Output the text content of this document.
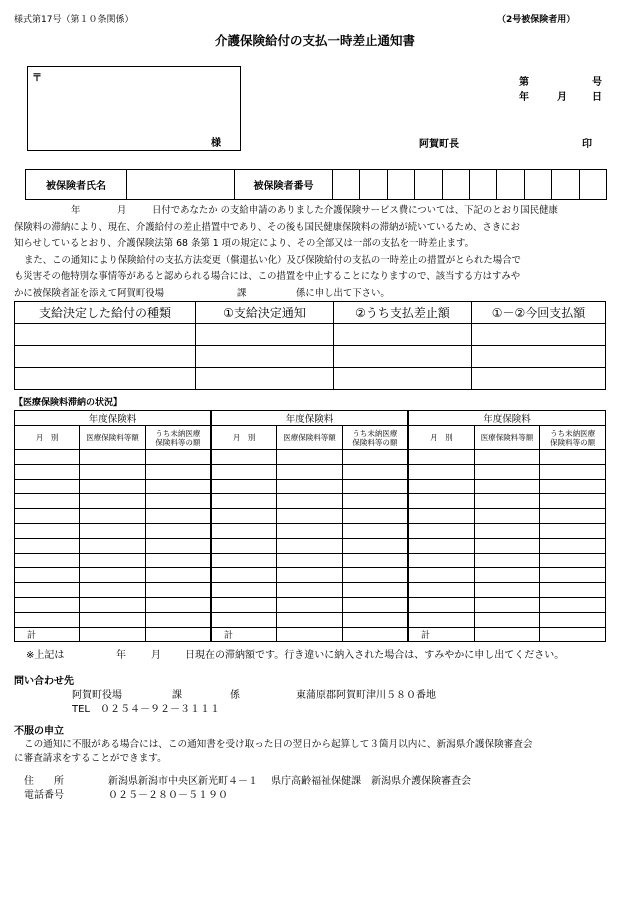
様式第17号（第１０条関係）	（2号被保険者用）
介護保険給付の支払一時差止通知書
〒
様
第	号
年	月	日
阿賀町長	印
被保険者氏名		被保険者番号										
年	月	日付であなたか の支給申請のありました介護保険サービス費については、下記のとおり国民健康
保険料の滞納により、現在、介護給付の差止措置中であり、その後も国民健康保険料の滞納が続いているため、さきにお
知らせしているとおり、介護保険法第 68 条第 1 項の規定により、その全部又は一部の支払を一時差止ます。
また、この通知により保険給付の支払方法変更（償還払い化）及び保険給付の支払の一時差止の措置がとられた場合で
も災害その他特別な事情等があると認められる場合には、この措置を中止することになりますので、該当する方はすみや
かに被保険者証を添えて阿賀町役場	課	係に申し出て下さい。
支給決定した給付の種類	①支給決定通知	②うち支払差止額	①－②今回支払額

【医療保険料滞納の状況】
年度保険料		
月　別	医療保険料等額	うち未納医療
保険料等の額

計		
年度保険料		
月　別	医療保険料等額	うち未納医療
保険料等の額

計		
年度保険料		
月　別	医療保険料等額	うち未納医療
保険料等の額

計		
※上記は	年	月 日現在の滞納額です。行き違いに納入された場合は、すみやかに申し出てください。
問い合わせ先
阿賀町役場	課	係	東蒲原郡阿賀町津川５８０番地
TEL　０２５４－９２－３１１１
不服の申立
この通知に不服がある場合には、この通知書を受け取った日の翌日から起算して３箇月以内に、新潟県介護保険審査会
に審査請求をすることができます。
住　　所	新潟県新潟市中央区新光町４－１　 県庁高齢福祉保健課　新潟県介護保険審査会
電話番号	０２５－２８０－５１９０
